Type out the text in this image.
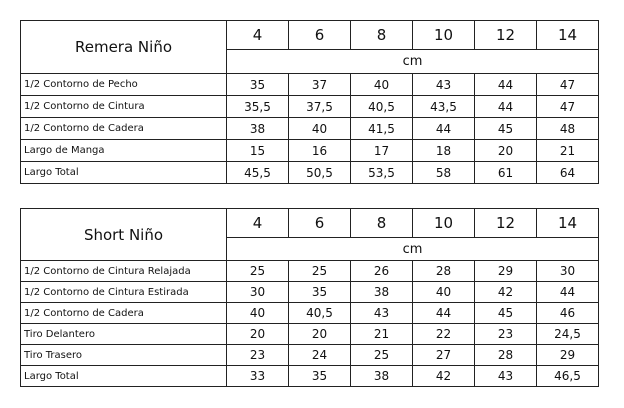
Remera Niño	4	6	8	10	12	14
	cm					
1/2 Contorno de Pecho	35	37	40	43	44	47
1/2 Contorno de Cintura	35,5	37,5	40,5	43,5	44	47
1/2 Contorno de Cadera	38	40	41,5	44	45	48
Largo de Manga	15	16	17	18	20	21
Largo Total	45,5	50,5	53,5	58	61	64
Short Niño	4	6	8	10	12	14
	cm					
1/2 Contorno de Cintura Relajada	25	25	26	28	29	30
1/2 Contorno de Cintura Estirada	30	35	38	40	42	44
1/2 Contorno de Cadera	40	40,5	43	44	45	46
Tiro Delantero	20	20	21	22	23	24,5
Tiro Trasero	23	24	25	27	28	29
Largo Total	33	35	38	42	43	46,5
